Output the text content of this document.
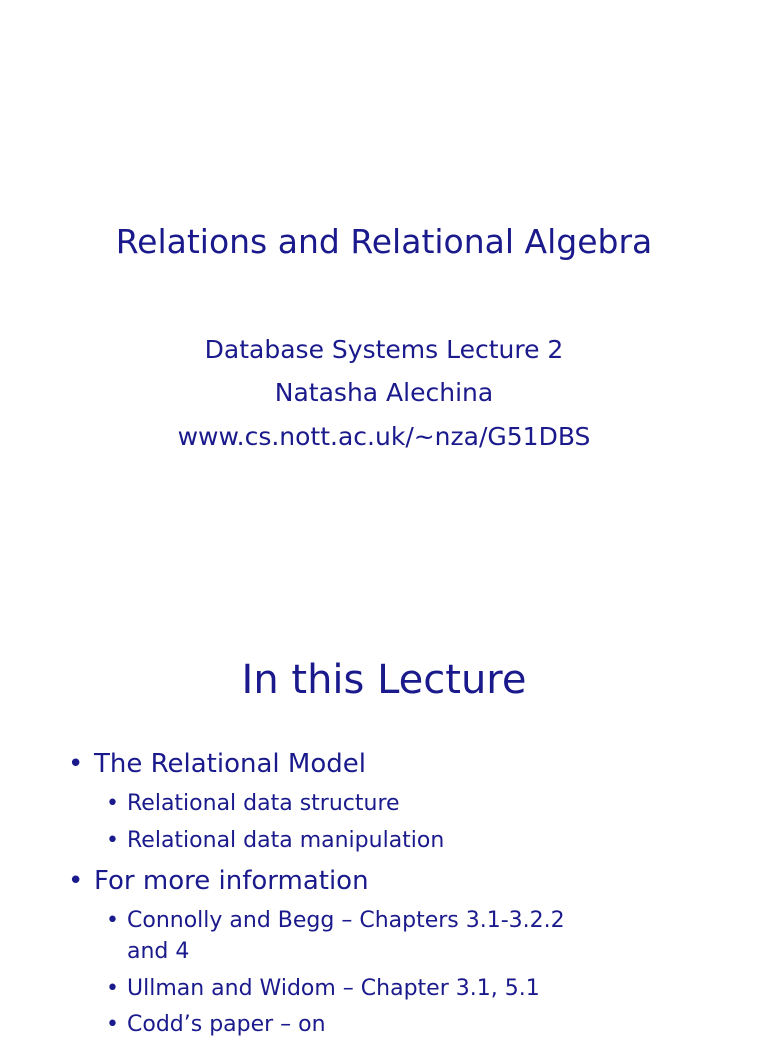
Relations and Relational Algebra
Database Systems Lecture 2
Natasha Alechina
www.cs.nott.ac.uk/~nza/G51DBS
In this Lecture
• The Relational Model
• Relational data structure
• Relational data manipulation
• For more information
• Connolly and Begg – Chapters 3.1-3.2.2
and 4
• Ullman and Widom – Chapter 3.1, 5.1
• Codd’s paper – on
